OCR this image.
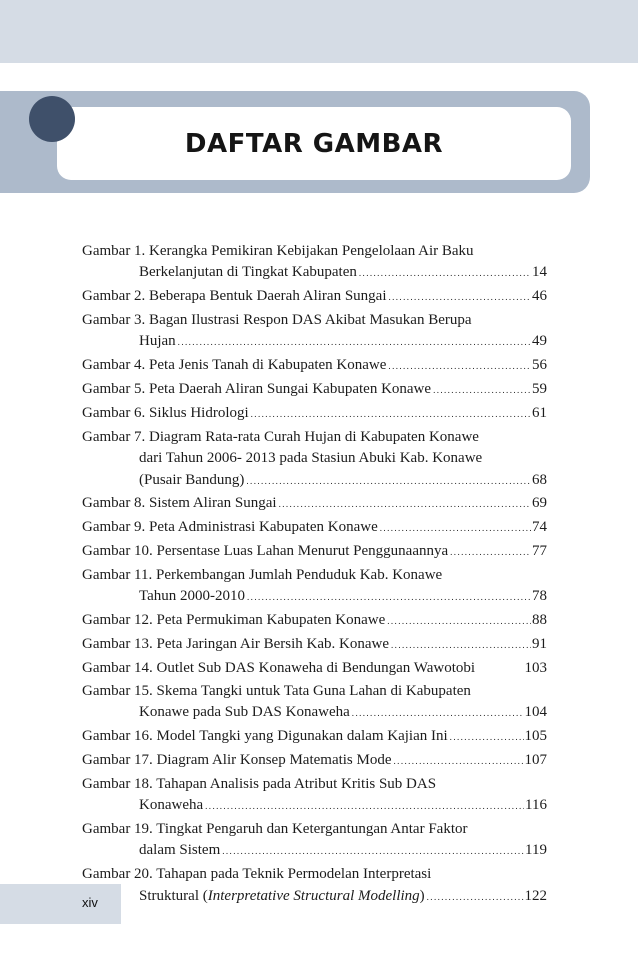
DAFTAR GAMBAR
Gambar 1. Kerangka Pemikiran Kebijakan Pengelolaan Air Baku
Berkelanjutan di Tingkat Kabupaten .....	14
Gambar 2. Beberapa Bentuk Daerah Aliran Sungai .....	46
Gambar 3. Bagan Ilustrasi Respon DAS Akibat Masukan Berupa
Hujan .....	49
Gambar 4. Peta Jenis Tanah di Kabupaten Konawe .....	56
Gambar 5. Peta Daerah Aliran Sungai Kabupaten Konawe .....	59
Gambar 6. Siklus Hidrologi .....	61
Gambar 7. Diagram Rata-rata Curah Hujan di Kabupaten Konawe
dari Tahun 2006- 2013 pada Stasiun Abuki Kab. Konawe
(Pusair Bandung) .....	68
Gambar 8. Sistem Aliran Sungai .....	69
Gambar 9. Peta Administrasi Kabupaten Konawe .....	74
Gambar 10. Persentase Luas Lahan Menurut Penggunaannya .....	77
Gambar 11. Perkembangan Jumlah Penduduk Kab. Konawe
Tahun 2000-2010 .....	78
Gambar 12. Peta Permukiman Kabupaten Konawe .....	88
Gambar 13. Peta Jaringan Air Bersih Kab. Konawe .....	91
Gambar 14. Outlet Sub DAS Konaweha di Bendungan Wawotobi	103
Gambar 15. Skema Tangki untuk Tata Guna Lahan di Kabupaten
Konawe pada Sub DAS Konaweha .....	104
Gambar 16. Model Tangki yang Digunakan dalam Kajian Ini .....	105
Gambar 17. Diagram Alir Konsep Matematis Mode .....	107
Gambar 18. Tahapan Analisis pada Atribut Kritis Sub DAS
Konaweha .....	116
Gambar 19. Tingkat Pengaruh dan Ketergantungan Antar Faktor
dalam Sistem .....	119
Gambar 20. Tahapan pada Teknik Permodelan Interpretasi
Struktural (Interpretative Structural Modelling) .....	122
xiv
